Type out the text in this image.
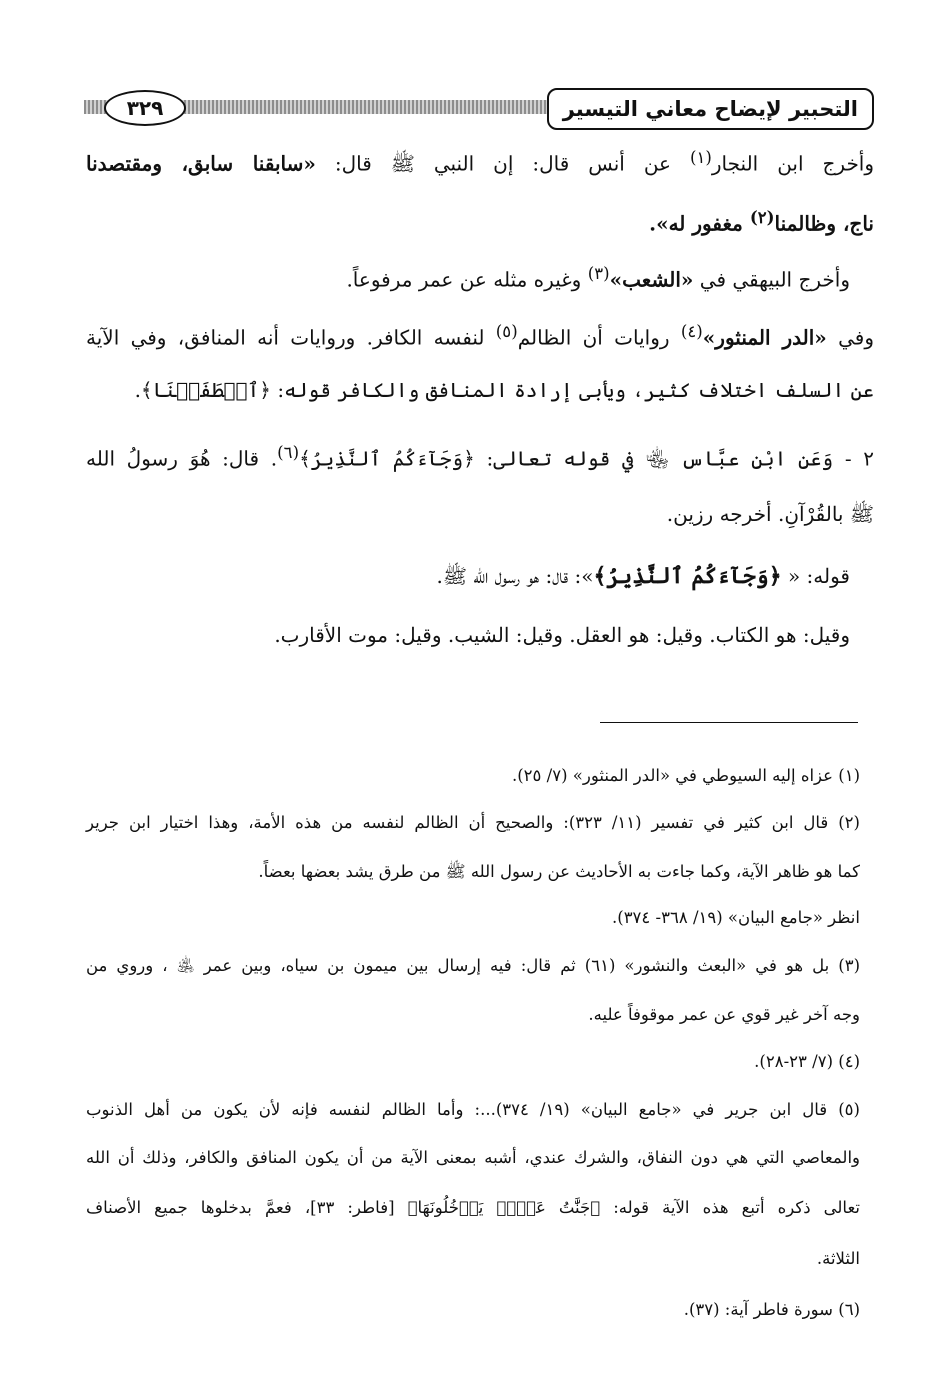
التحبير لإيضاح معاني التيسير
٣٢٩
وأخرج ابن النجار$^{(١)}$ عن أنس قال: إن النبي ﷺ قال: «سابقنا سابق، ومقتصدنا
ناج، وظالمنا$^{(٢)}$ مغفور له».
وأخرج البيهقي في «الشعب»$^{(٣)}$ وغيره مثله عن عمر مرفوعاً.
وفي «الدر المنثور»$^{(٤)}$ روايات أن الظالم$^{(٥)}$ لنفسه الكافر. وروايات أنه المنافق، وفي الآية
عن السلف اختلاف كثير، ويأبى إرادة المنافق والكافر قوله: ﴿ٱصۡطَفَيۡنَا﴾.
٢ - وَعَنِ ابْنِ عبَّاس ﵄ في قوله تعالى: ﴿وَجَآءَكُمُ ٱلنَّذِيرُ﴾$^{(٦)}$. قال: هُوَ رسولُ الله
ﷺ بالقُرْآنِ. أخرجه رزين.
قوله: « ﴿وَجَآءَكُمُ ٱلنَّذِيرُ﴾»: قال: هو رسول الله ﷺ.
وقيل: هو الكتاب. وقيل: هو العقل. وقيل: الشيب. وقيل: موت الأقارب.
(١) عزاه إليه السيوطي في «الدر المنثور» (٧/ ٢٥).
(٢) قال ابن كثير في تفسير (١١/ ٣٢٣): والصحيح أن الظالم لنفسه من هذه الأمة، وهذا اختيار ابن جرير
كما هو ظاهر الآية، وكما جاءت به الأحاديث عن رسول الله ﷺ من طرق يشد بعضها بعضاً.
انظر «جامع البيان» (١٩/ ٣٦٨- ٣٧٤).
(٣) بل هو في «البعث والنشور» (٦١) ثم قال: فيه إرسال بين ميمون بن سياه، وبين عمر ﵁ ، وروي من
وجه آخر غير قوي عن عمر موقوفاً عليه.
(٤) (٧/ ٢٣-٢٨).
(٥) قال ابن جرير في «جامع البيان» (١٩/ ٣٧٤)...: وأما الظالم لنفسه فإنه لأن يكون من أهل الذنوب
والمعاصي التي هي دون النفاق، والشرك عندي، أشبه بمعنى الآية من أن يكون المنافق والكافر، وذلك أن الله
تعالى ذكره أتبع هذه الآية قوله: ﴿جَنَّٰتُ عَدۡنٖ يَدۡخُلُونَهَا﴾ [فاطر: ٣٣]، فعمَّ بدخلوها جميع الأصناف
الثلاثة.
(٦) سورة فاطر آية: (٣٧).
